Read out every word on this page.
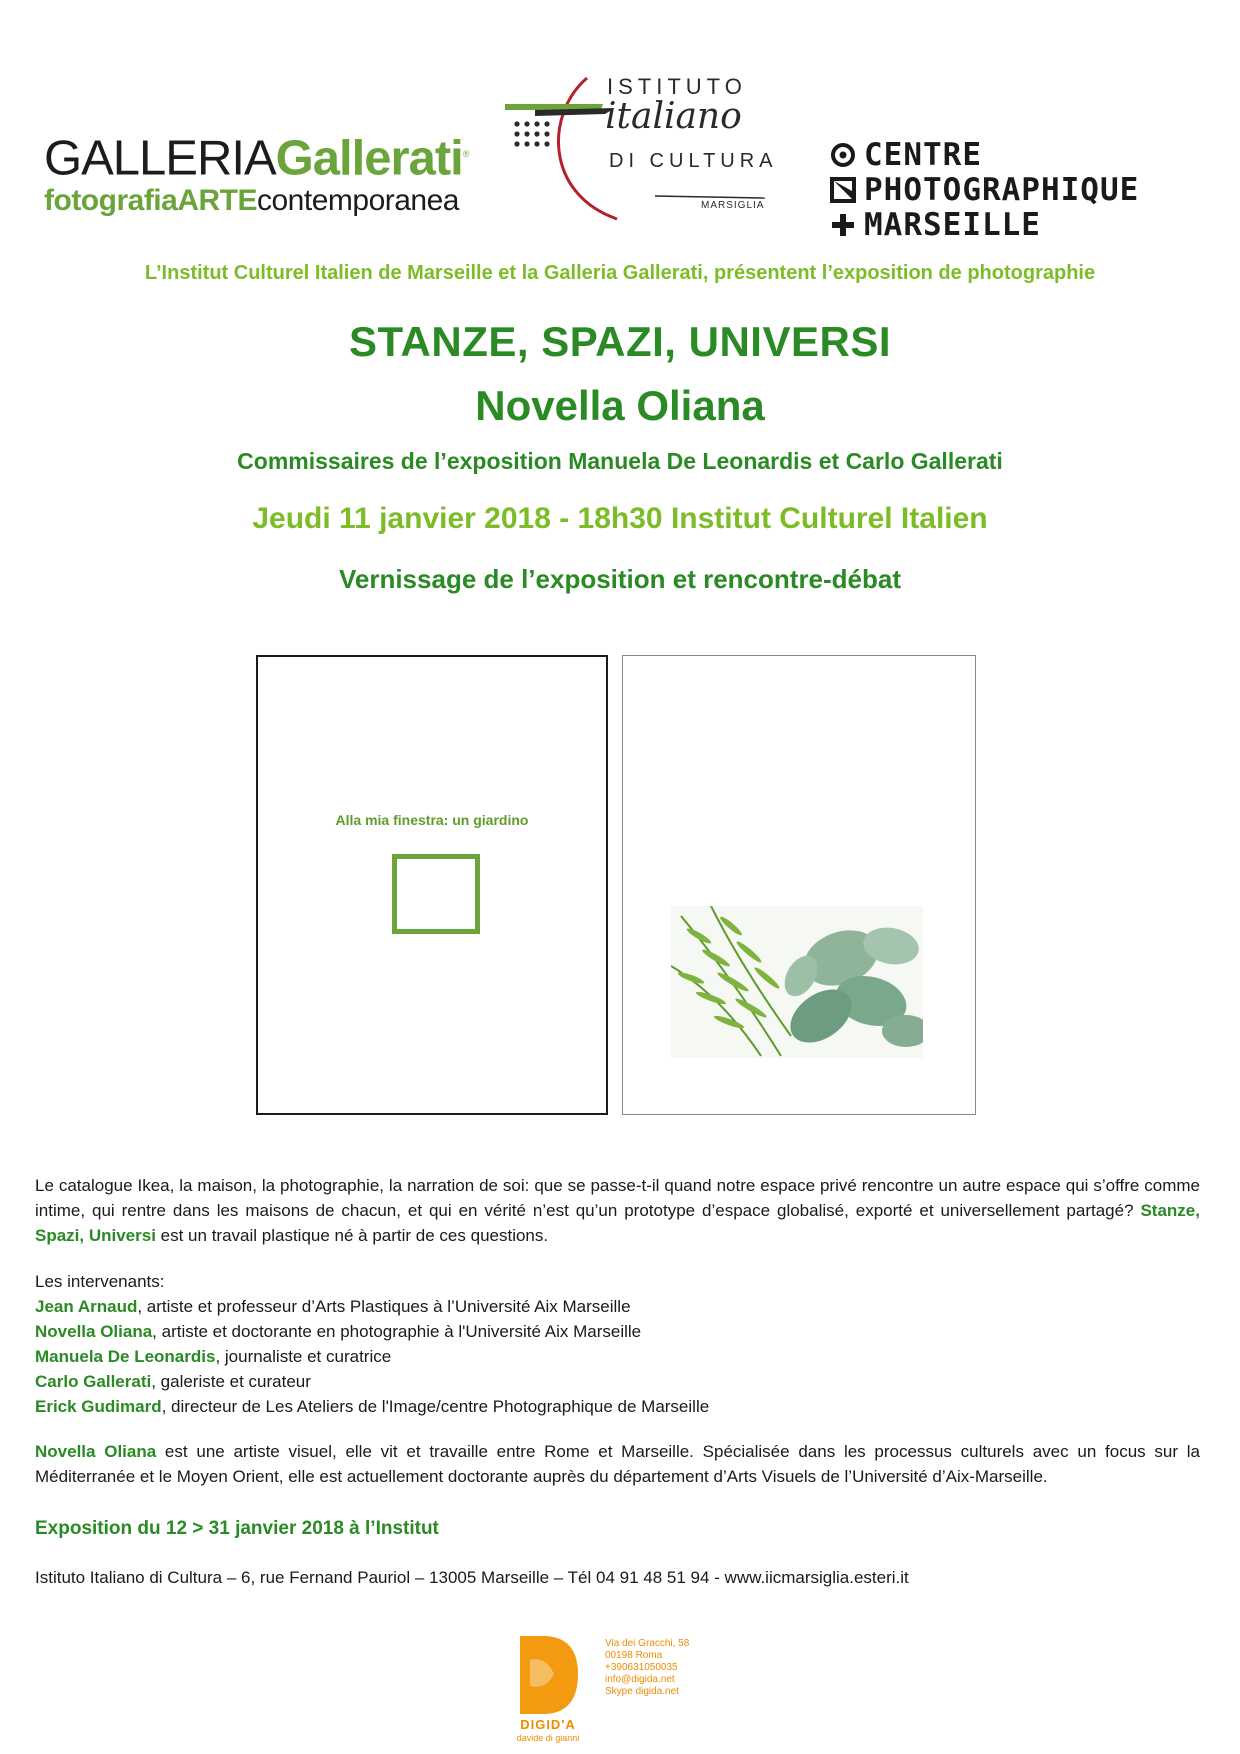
GALLERIAGallerati®
fotografiaARTEcontemporanea
ISTITUTO
italiano
DI CULTURA
MARSIGLIA
CENTRE
PHOTOGRAPHIQUE
MARSEILLE
L’Institut Culturel Italien de Marseille et la Galleria Gallerati, présentent l’exposition de photographie
STANZE, SPAZI, UNIVERSI
Novella Oliana
Commissaires de l’exposition Manuela De Leonardis et Carlo Gallerati
Jeudi 11 janvier 2018 - 18h30 Institut Culturel Italien
Vernissage de l’exposition et rencontre-débat
Alla mia finestra: un giardino
Le catalogue Ikea, la maison, la photographie, la narration de soi: que se passe-t-il quand notre espace privé rencontre un autre espace qui s’offre comme intime, qui rentre dans les maisons de chacun, et qui en vérité n’est qu’un prototype d’espace globalisé, exporté et universellement partagé? Stanze, Spazi, Universi est un travail plastique né à partir de ces questions.
Les intervenants:
Jean Arnaud, artiste et professeur d’Arts Plastiques à l’Université Aix Marseille
Novella Oliana, artiste et doctorante en photographie à l'Université Aix Marseille
Manuela De Leonardis, journaliste et curatrice
Carlo Gallerati, galeriste et curateur
Erick Gudimard, directeur de Les Ateliers de l'Image/centre Photographique de Marseille
Novella Oliana est une artiste visuel, elle vit et travaille entre Rome et Marseille. Spécialisée dans les processus culturels avec un focus sur la Méditerranée et le Moyen Orient, elle est actuellement doctorante auprès du département d’Arts Visuels de l’Université d’Aix-Marseille.
Exposition du 12 > 31 janvier 2018 à l’Institut
Istituto Italiano di Cultura – 6, rue Fernand Pauriol – 13005 Marseille – Tél 04 91 48 51 94 - www.iicmarsiglia.esteri.it
DIGID'A
davide di gianni
Via dei Gracchi, 58
00198 Roma
+390631050035
info@digida.net
Skype digida.net
